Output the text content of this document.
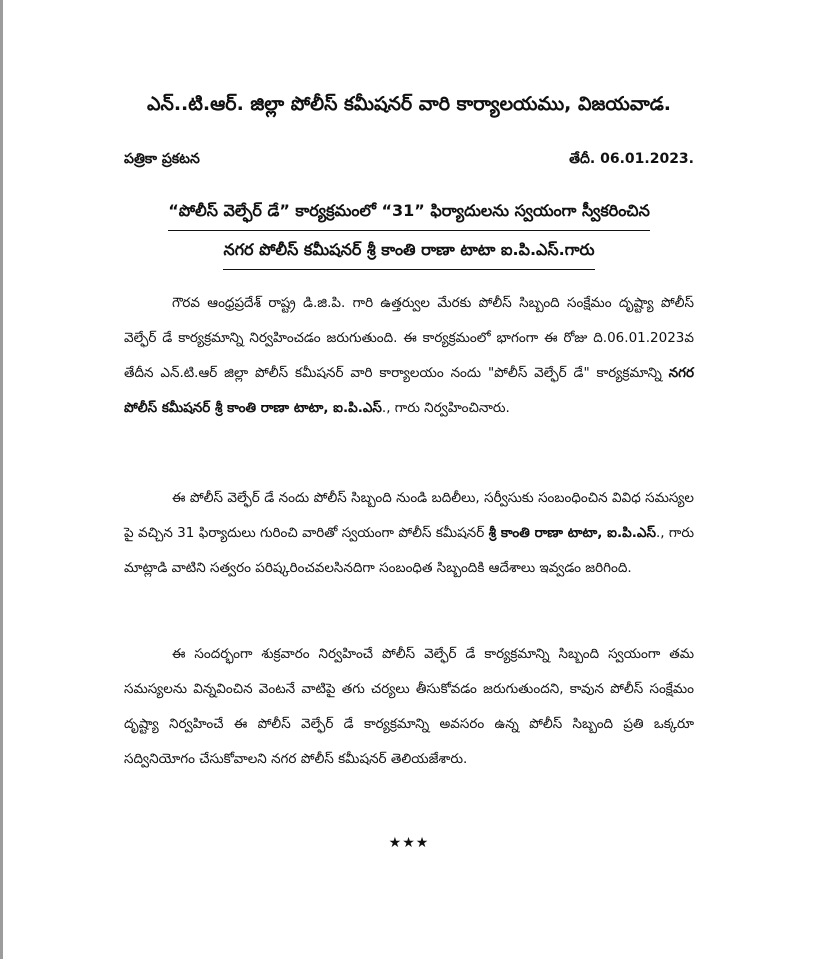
ఎన్..టి.ఆర్. జిల్లా పోలీస్ కమీషనర్ వారి కార్యాలయము, విజయవాడ.
పత్రికా ప్రకటన	తేదీ. 06.01.2023.
“పోలీస్ వెల్ఫేర్ డే” కార్యక్రమంలో “31” ఫిర్యాదులను స్వయంగా స్వీకరించిన
నగర పోలీస్ కమీషనర్ శ్రీ కాంతి రాణా టాటా ఐ.పి.ఎస్.గారు

గౌరవ ఆంధ్రప్రదేశ్ రాష్ట్ర డి.జి.పి. గారి ఉత్తర్వుల మేరకు పోలీస్ సిబ్బంది సంక్షేమం దృష్ట్యా పోలీస్ వెల్ఫేర్ డే కార్యక్రమాన్ని నిర్వహించడం జరుగుతుంది. ఈ కార్యక్రమంలో భాగంగా ఈ రోజు ది.06.01.2023వ తేదీన ఎన్.టి.ఆర్ జిల్లా పోలీస్ కమీషనర్ వారి కార్యాలయం నందు "పోలీస్ వెల్ఫేర్ డే" కార్యక్రమాన్ని నగర పోలీస్ కమీషనర్ శ్రీ కాంతి రాణా టాటా, ఐ.పి.ఎస్., గారు నిర్వహించినారు.

ఈ పోలీస్ వెల్ఫేర్ డే నందు పోలీస్ సిబ్బంది నుండి బదిలీలు, సర్వీసుకు సంబంధించిన వివిధ సమస్యల పై వచ్చిన 31 ఫిర్యాదులు గురించి వారితో స్వయంగా పోలీస్ కమీషనర్ శ్రీ కాంతి రాణా టాటా, ఐ.పి.ఎస్., గారు మాట్లాడి వాటిని సత్వరం పరిష్కరించవలసినదిగా సంబంధిత సిబ్బందికి ఆదేశాలు ఇవ్వడం జరిగింది.

ఈ సందర్భంగా శుక్రవారం నిర్వహించే పోలీస్ వెల్ఫేర్ డే కార్యక్రమాన్ని సిబ్బంది స్వయంగా తమ సమస్యలను విన్నవించిన వెంటనే వాటిపై తగు చర్యలు తీసుకోవడం జరుగుతుందని, కావున పోలీస్ సంక్షేమం దృష్ట్యా నిర్వహించే ఈ పోలీస్ వెల్ఫేర్ డే కార్యక్రమాన్ని అవసరం ఉన్న పోలీస్ సిబ్బంది ప్రతి ఒక్కరూ సద్వినియోగం చేసుకోవాలని నగర పోలీస్ కమీషనర్ తెలియజేశారు.

★★★
